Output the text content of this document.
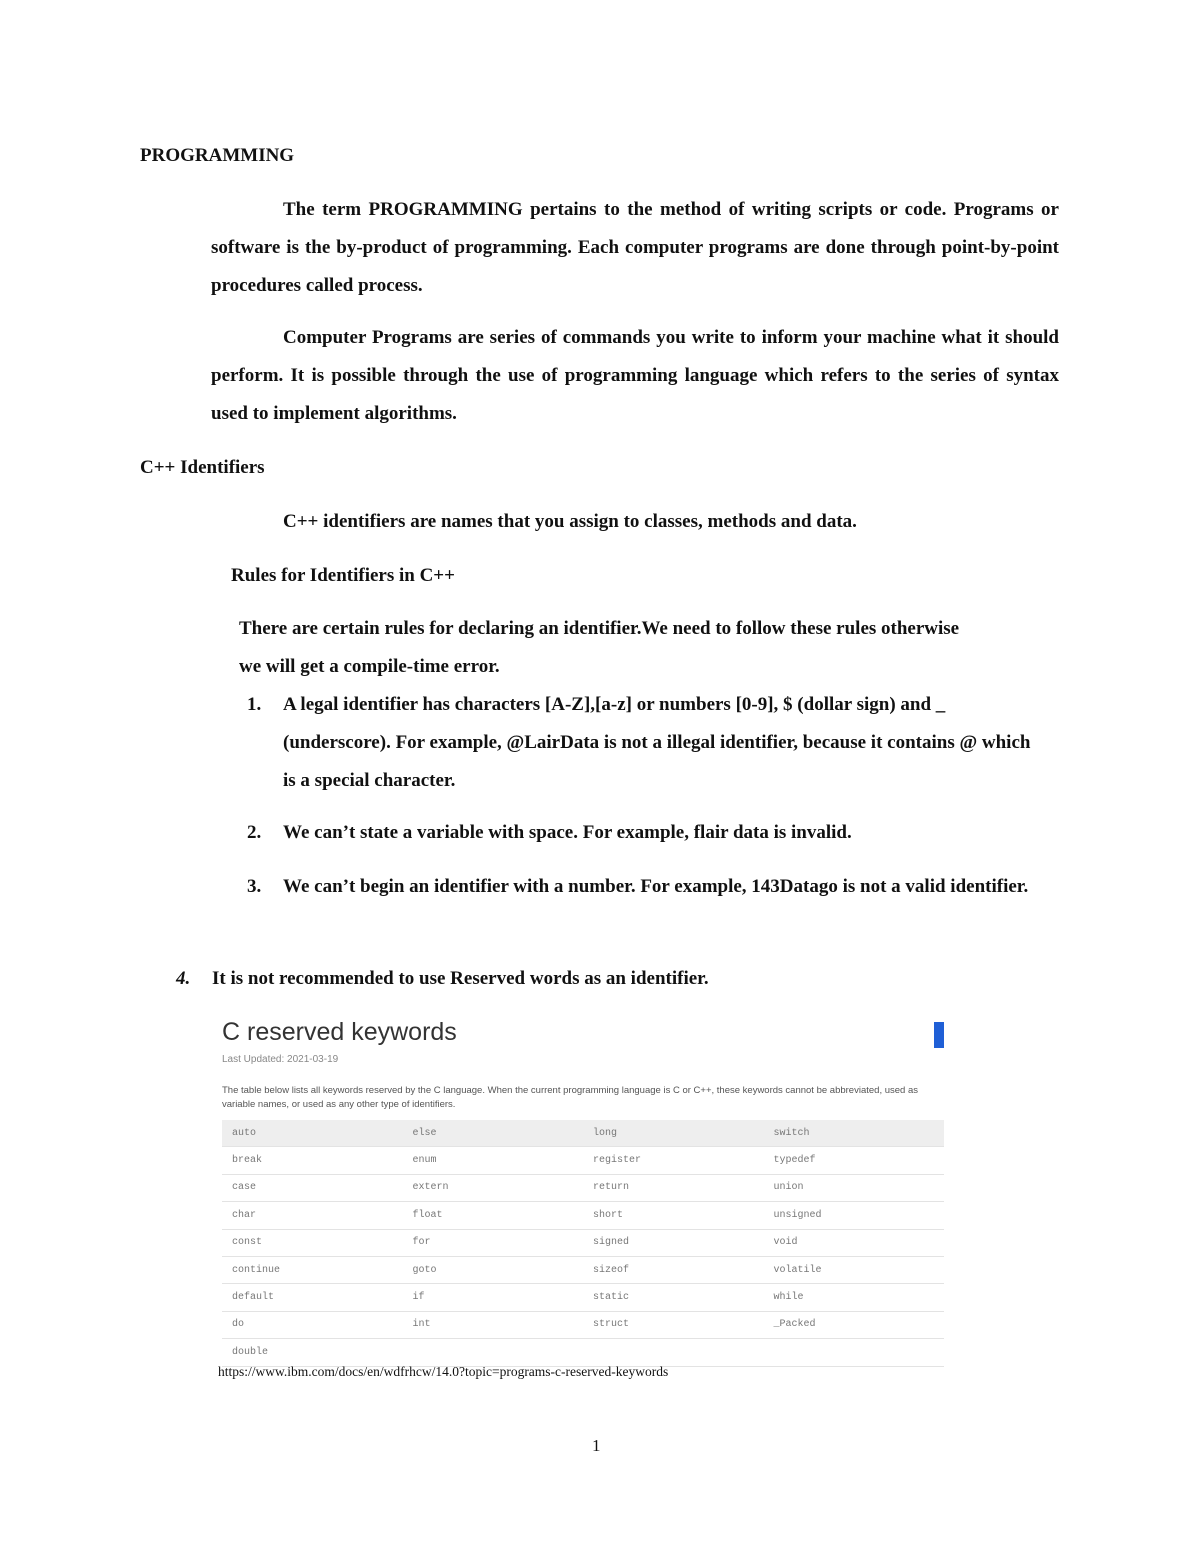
PROGRAMMING
The term PROGRAMMING pertains to the method of writing scripts or code. Programs or software is the by-product of programming. Each computer programs are done through point-by-point procedures called process.
Computer Programs are series of commands you write to inform your machine what it should perform. It is possible through the use of programming language which refers to the series of syntax used to implement algorithms.
C++ Identifiers
C++ identifiers are names that you assign to classes, methods and data.
Rules for Identifiers in C++
There are certain rules for declaring an identifier.We need to follow these rules otherwise we will get a compile-time error.
1. A legal identifier has characters [A-Z],[a-z] or numbers [0-9], $ (dollar sign) and _ (underscore). For example, @LairData is not a illegal identifier, because it contains @ which is a special character.
2. We can’t state a variable with space. For example, flair data is invalid.
3. We can’t begin an identifier with a number. For example, 143Datago is not a valid identifier.
4. It is not recommended to use Reserved words as an identifier.
C reserved keywords
Last Updated: 2021-03-19
The table below lists all keywords reserved by the C language. When the current programming language is C or C++, these keywords cannot be abbreviated, used as variable names, or used as any other type of identifiers.
auto	else	long	switch
break	enum	register	typedef
case	extern	return	union
char	float	short	unsigned
const	for	signed	void
continue	goto	sizeof	volatile
default	if	static	while
do	int	struct	_Packed
double			
https://www.ibm.com/docs/en/wdfrhcw/14.0?topic=programs-c-reserved-keywords
1
